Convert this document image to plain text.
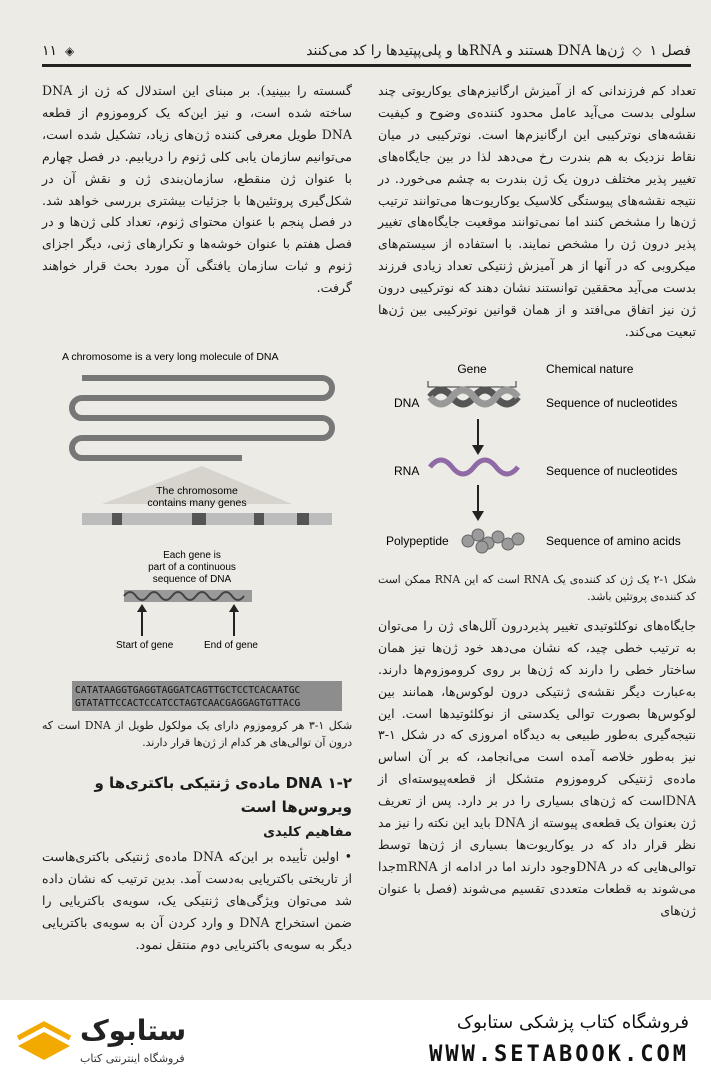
فصل ۱
◇
ژن‌ها DNA هستند و RNAها و پلی‌پپتیدها را کد می‌کنند
◈
۱۱

تعداد کم فرزندانی که از آمیزش ارگانیزم‌های یوکاریوتی چند سلولی بدست می‌آید عامل محدود کننده‌ی وضوح و کیفیت نقشه‌های نوترکیبی این ارگانیزم‌ها است. نوترکیبی در میان نقاط نزدیک به هم بندرت رخ می‌دهد لذا در بین جایگاه‌های تغییر پذیر مختلف درون یک ژن بندرت به چشم می‌خورد. در نتیجه نقشه‌های پیوستگی کلاسیک یوکاریوت‌ها می‌توانند ترتیب ژن‌ها را مشخص کنند اما نمی‌توانند موقعیت جایگاه‌های تغییر پذیر درون ژن را مشخص نمایند. با استفاده از سیستم‌های میکروبی که در آنها از هر آمیزش ژنتیکی تعداد زیادی فرزند بدست می‌آید محققین توانستند نشان دهند که نوترکیبی درون ژن نیز اتفاق می‌افتد و از همان قوانین نوترکیبی بین ژن‌ها تبعیت می‌کند.

Gene	Chemical nature
DNA	Sequence of nucleotides
RNA	Sequence of nucleotides
Polypeptide	Sequence of amino acids

شکل ۱-۲ یک ژن کد کننده‌ی یک RNA است که این RNA ممکن است کد کننده‌ی پروتئین باشد.

جایگاه‌های نوکلئوتیدی تغییر پذیردرون آلل‌های ژن را می‌توان به ترتیب خطی چید، که نشان می‌دهد خود ژن‌ها نیز همان ساختار خطی را دارند که ژن‌ها بر روی کروموزوم‌ها دارند. به‌عبارت دیگر نقشه‌ی ژنتیکی درون لوکوس‌ها، همانند بین لوکوس‌ها بصورت توالی یکدستی از نوکلئوتیدها است. این نتیجه‌گیری به‌طور طبیعی به دیدگاه امروزی که در شکل ۱-۳ نیز به‌طور خلاصه آمده است می‌انجامد، که بر آن اساس ماده‌ی ژنتیکی کروموزوم متشکل از قطعه‌پیوسته‌ای از DNAاست که ژن‌های بسیاری را در بر دارد. پس از تعریف ژن بعنوان یک قطعه‌ی پیوسته از DNA باید این نکته را نیز مد نظر قرار داد که در یوکاریوت‌ها بسیاری از ژن‌ها توسط توالی‌هایی که در DNAوجود دارند اما در ادامه از mRNAجدا می‌شوند به قطعات متعددی تقسیم می‌شوند (فصل با عنوان ژن‌های

گسسته را ببینید). بر مبنای این استدلال که ژن از DNA ساخته شده است، و نیز این‌که یک کروموزوم از قطعه DNA طویل معرفی کننده ژن‌های زیاد، تشکیل شده است، می‌توانیم سازمان یابی کلی ژنوم را دریابیم. در فصل چهارم با عنوان ژن منقطع، سازمان‌بندی ژن و نقش آن در شکل‌گیری پروتئین‌ها با جزئیات بیشتری بررسی خواهد شد. در فصل پنجم با عنوان محتوای ژنوم، تعداد کلی ژن‌ها و در فصل هفتم با عنوان خوشه‌ها و تکرارهای ژنی، دیگر اجزای ژنوم و ثبات سازمان یافتگی آن مورد بحث قرار خواهند گرفت.

A chromosome is a very long molecule of DNA
The chromosome
contains many genes
Each gene is
part of a continuous
sequence of DNA
Start of gene	End of gene
CATATAAGGTGAGGTAGGATCAGTTGCTCCTCACAATGC
GTATATTCCACTCCATCCTAGTCAACGAGGAGTGTTACG

شکل ۱-۳ هر کروموزوم دارای یک مولکول طویل از DNA است که درون آن توالی‌های هر کدام از ژن‌ها قرار دارند.

۱-۲ DNA ماده‌ی ژنتیکی باکتری‌ها و ویروس‌ها است
مفاهیم کلیدی

• اولین تأییده بر این‌که DNA ماده‌ی ژنتیکی باکتری‌هاست از تاریختی باکتریایی به‌دست آمد. بدین ترتیب که نشان داده شد می‌توان ویژگی‌های ژنتیکی یک، سویه‌ی باکتریایی را ضمن استخراج DNA و وارد کردن آن به سویه‌ی باکتریایی دیگر به سویه‌ی باکتریایی دوم منتقل نمود.

ستابوک
فروشگاه اینترنتی کتاب
فروشگاه کتاب پزشکی ستابوک
WWW.SETABOOK.COM
